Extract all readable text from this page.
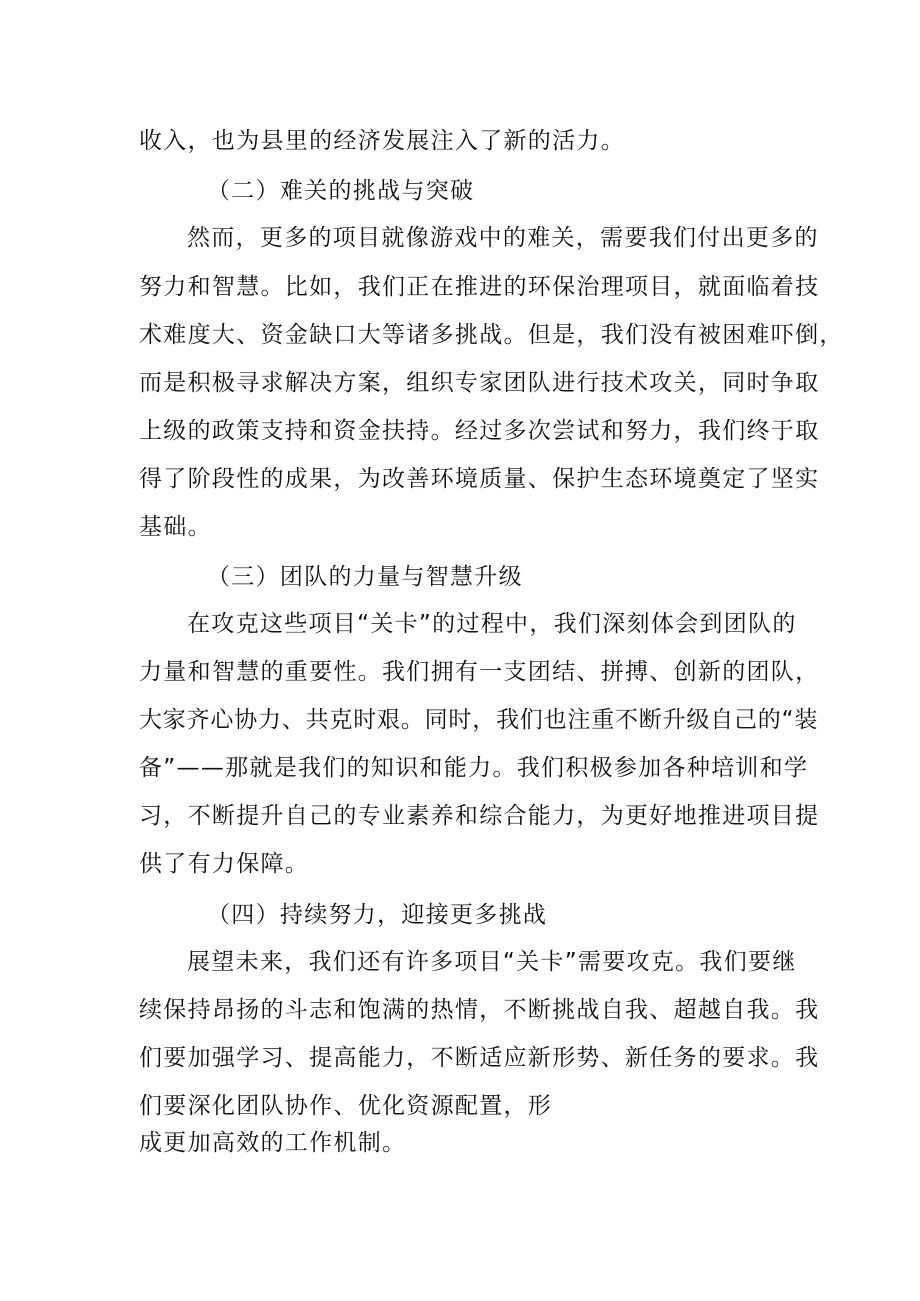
收入，也为县里的经济发展注入了新的活力。
（二）难关的挑战与突破
然而，更多的项目就像游戏中的难关，需要我们付出更多的
努力和智慧。比如，我们正在推进的环保治理项目，就面临着技
术难度大、资金缺口大等诸多挑战。但是，我们没有被困难吓倒，
而是积极寻求解决方案，组织专家团队进行技术攻关，同时争取
上级的政策支持和资金扶持。经过多次尝试和努力，我们终于取
得了阶段性的成果，为改善环境质量、保护生态环境奠定了坚实
基础。
（三）团队的力量与智慧升级
在攻克这些项目“关卡”的过程中，我们深刻体会到团队的
力量和智慧的重要性。我们拥有一支团结、拼搏、创新的团队，
大家齐心协力、共克时艰。同时，我们也注重不断升级自己的“装
备”——那就是我们的知识和能力。我们积极参加各种培训和学
习，不断提升自己的专业素养和综合能力，为更好地推进项目提
供了有力保障。
（四）持续努力，迎接更多挑战
展望未来，我们还有许多项目“关卡”需要攻克。我们要继
续保持昂扬的斗志和饱满的热情，不断挑战自我、超越自我。我
们要加强学习、提高能力，不断适应新形势、新任务的要求。我
们要深化团队协作、优化资源配置，形
成更加高效的工作机制。
